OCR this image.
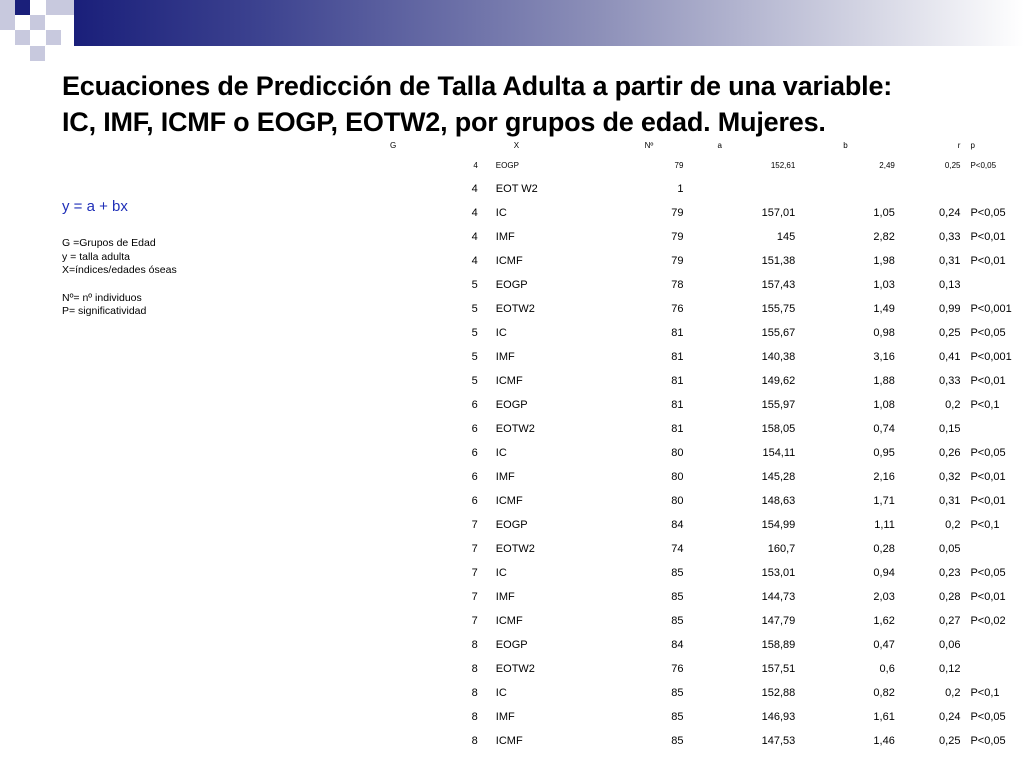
Ecuaciones de Predicción de Talla Adulta a partir de una variable: IC, IMF, ICMF o EOGP, EOTW2, por grupos de edad. Mujeres.
y = a + bx
G =Grupos de Edad
y = talla adulta
X=índices/edades óseas
Nº= nº individuos
P= significatividad
G	X	Nº	a	b	r	p
4	EOGP	79	152,61	2,49	0,25	P<0,05
4	EOT W2	1				
4	IC	79	157,01	1,05	0,24	P<0,05
4	IMF	79	145	2,82	0,33	P<0,01
4	ICMF	79	151,38	1,98	0,31	P<0,01
5	EOGP	78	157,43	1,03	0,13	
5	EOTW2	76	155,75	1,49	0,99	P<0,001
5	IC	81	155,67	0,98	0,25	P<0,05
5	IMF	81	140,38	3,16	0,41	P<0,001
5	ICMF	81	149,62	1,88	0,33	P<0,01
6	EOGP	81	155,97	1,08	0,2	P<0,1
6	EOTW2	81	158,05	0,74	0,15	
6	IC	80	154,11	0,95	0,26	P<0,05
6	IMF	80	145,28	2,16	0,32	P<0,01
6	ICMF	80	148,63	1,71	0,31	P<0,01
7	EOGP	84	154,99	1,11	0,2	P<0,1
7	EOTW2	74	160,7	0,28	0,05	
7	IC	85	153,01	0,94	0,23	P<0,05
7	IMF	85	144,73	2,03	0,28	P<0,01
7	ICMF	85	147,79	1,62	0,27	P<0,02
8	EOGP	84	158,89	0,47	0,06	
8	EOTW2	76	157,51	0,6	0,12	
8	IC	85	152,88	0,82	0,2	P<0,1
8	IMF	85	146,93	1,61	0,24	P<0,05
8	ICMF	85	147,53	1,46	0,25	P<0,05
